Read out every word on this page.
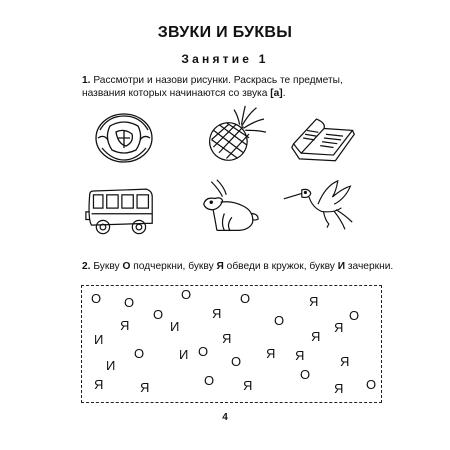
ЗВУКИ И БУКВЫ
Занятие 1
1. Рассмотри и назови рисунки. Раскрась те предметы, названия которых начинаются со звука [а].
2. Букву О подчеркни, букву Я обведи в кружок, букву И зачеркни.
О О
О	О	Я
О
О	Я
И
Я	О	Я
Я
Я
И
О	Я
И
О
О	Я	Я
И
О
Я	О	О
Я	Я	Я
4
